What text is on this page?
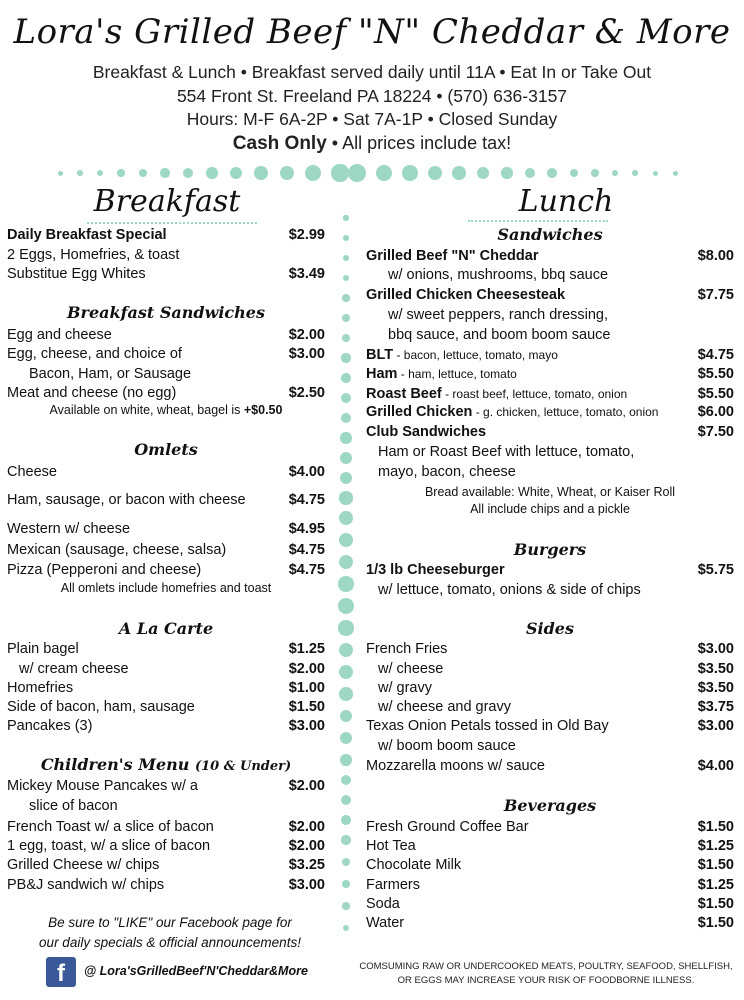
Lora's Grilled Beef "N" Cheddar & More
Breakfast & Lunch • Breakfast served daily until 11A • Eat In or Take Out
554 Front St. Freeland PA 18224 • (570) 636-3157
Hours: M-F 6A-2P • Sat 7A-1P • Closed Sunday
Cash Only • All prices include tax!
Breakfast
Daily Breakfast Special	$2.99
2 Eggs, Homefries, & toast
Substitue Egg Whites	$3.49
Breakfast Sandwiches
Egg and cheese	$2.00
Egg, cheese, and choice of	$3.00
Bacon, Ham, or Sausage
Meat and cheese (no egg)	$2.50
Available on white, wheat, bagel is +$0.50
Omlets
Cheese	$4.00
Ham, sausage, or bacon with cheese	$4.75
Western w/ cheese	$4.95
Mexican (sausage, cheese, salsa)	$4.75
Pizza (Pepperoni and cheese)	$4.75
All omlets include homefries and toast
A La Carte
Plain bagel	$1.25
w/ cream cheese	$2.00
Homefries	$1.00
Side of bacon, ham, sausage	$1.50
Pancakes (3)	$3.00
Children's Menu (10 & Under)
Mickey Mouse Pancakes w/ a	$2.00
slice of bacon
French Toast w/ a slice of bacon	$2.00
1 egg, toast, w/ a slice of bacon	$2.00
Grilled Cheese w/ chips	$3.25
PB&J sandwich w/ chips	$3.00
Lunch
Sandwiches
Grilled Beef "N" Cheddar	$8.00
w/ onions, mushrooms, bbq sauce
Grilled Chicken Cheesesteak	$7.75
w/ sweet peppers, ranch dressing,
bbq sauce, and boom boom sauce
BLT - bacon, lettuce, tomato, mayo	$4.75
Ham - ham, lettuce, tomato	$5.50
Roast Beef - roast beef, lettuce, tomato, onion	$5.50
Grilled Chicken - g. chicken, lettuce, tomato, onion	$6.00
Club Sandwiches	$7.50
Ham or Roast Beef with lettuce, tomato,
mayo, bacon, cheese
Bread available: White, Wheat, or Kaiser Roll
All include chips and a pickle
Burgers
1/3 lb Cheeseburger	$5.75
w/ lettuce, tomato, onions & side of chips
Sides
French Fries	$3.00
w/ cheese	$3.50
w/ gravy	$3.50
w/ cheese and gravy	$3.75
Texas Onion Petals tossed in Old Bay	$3.00
w/ boom boom sauce
Mozzarella moons w/ sauce	$4.00
Beverages
Fresh Ground Coffee Bar	$1.50
Hot Tea	$1.25
Chocolate Milk	$1.50
Farmers	$1.25
Soda	$1.50
Water	$1.50
Be sure to "LIKE" our Facebook page for
our daily specials & official announcements!
f	@ Lora'sGrilledBeef'N'Cheddar&More	COMSUMING RAW OR UNDERCOOKED MEATS, POULTRY, SEAFOOD, SHELLFISH,
OR EGGS MAY INCREASE YOUR RISK OF FOODBORNE ILLNESS.
